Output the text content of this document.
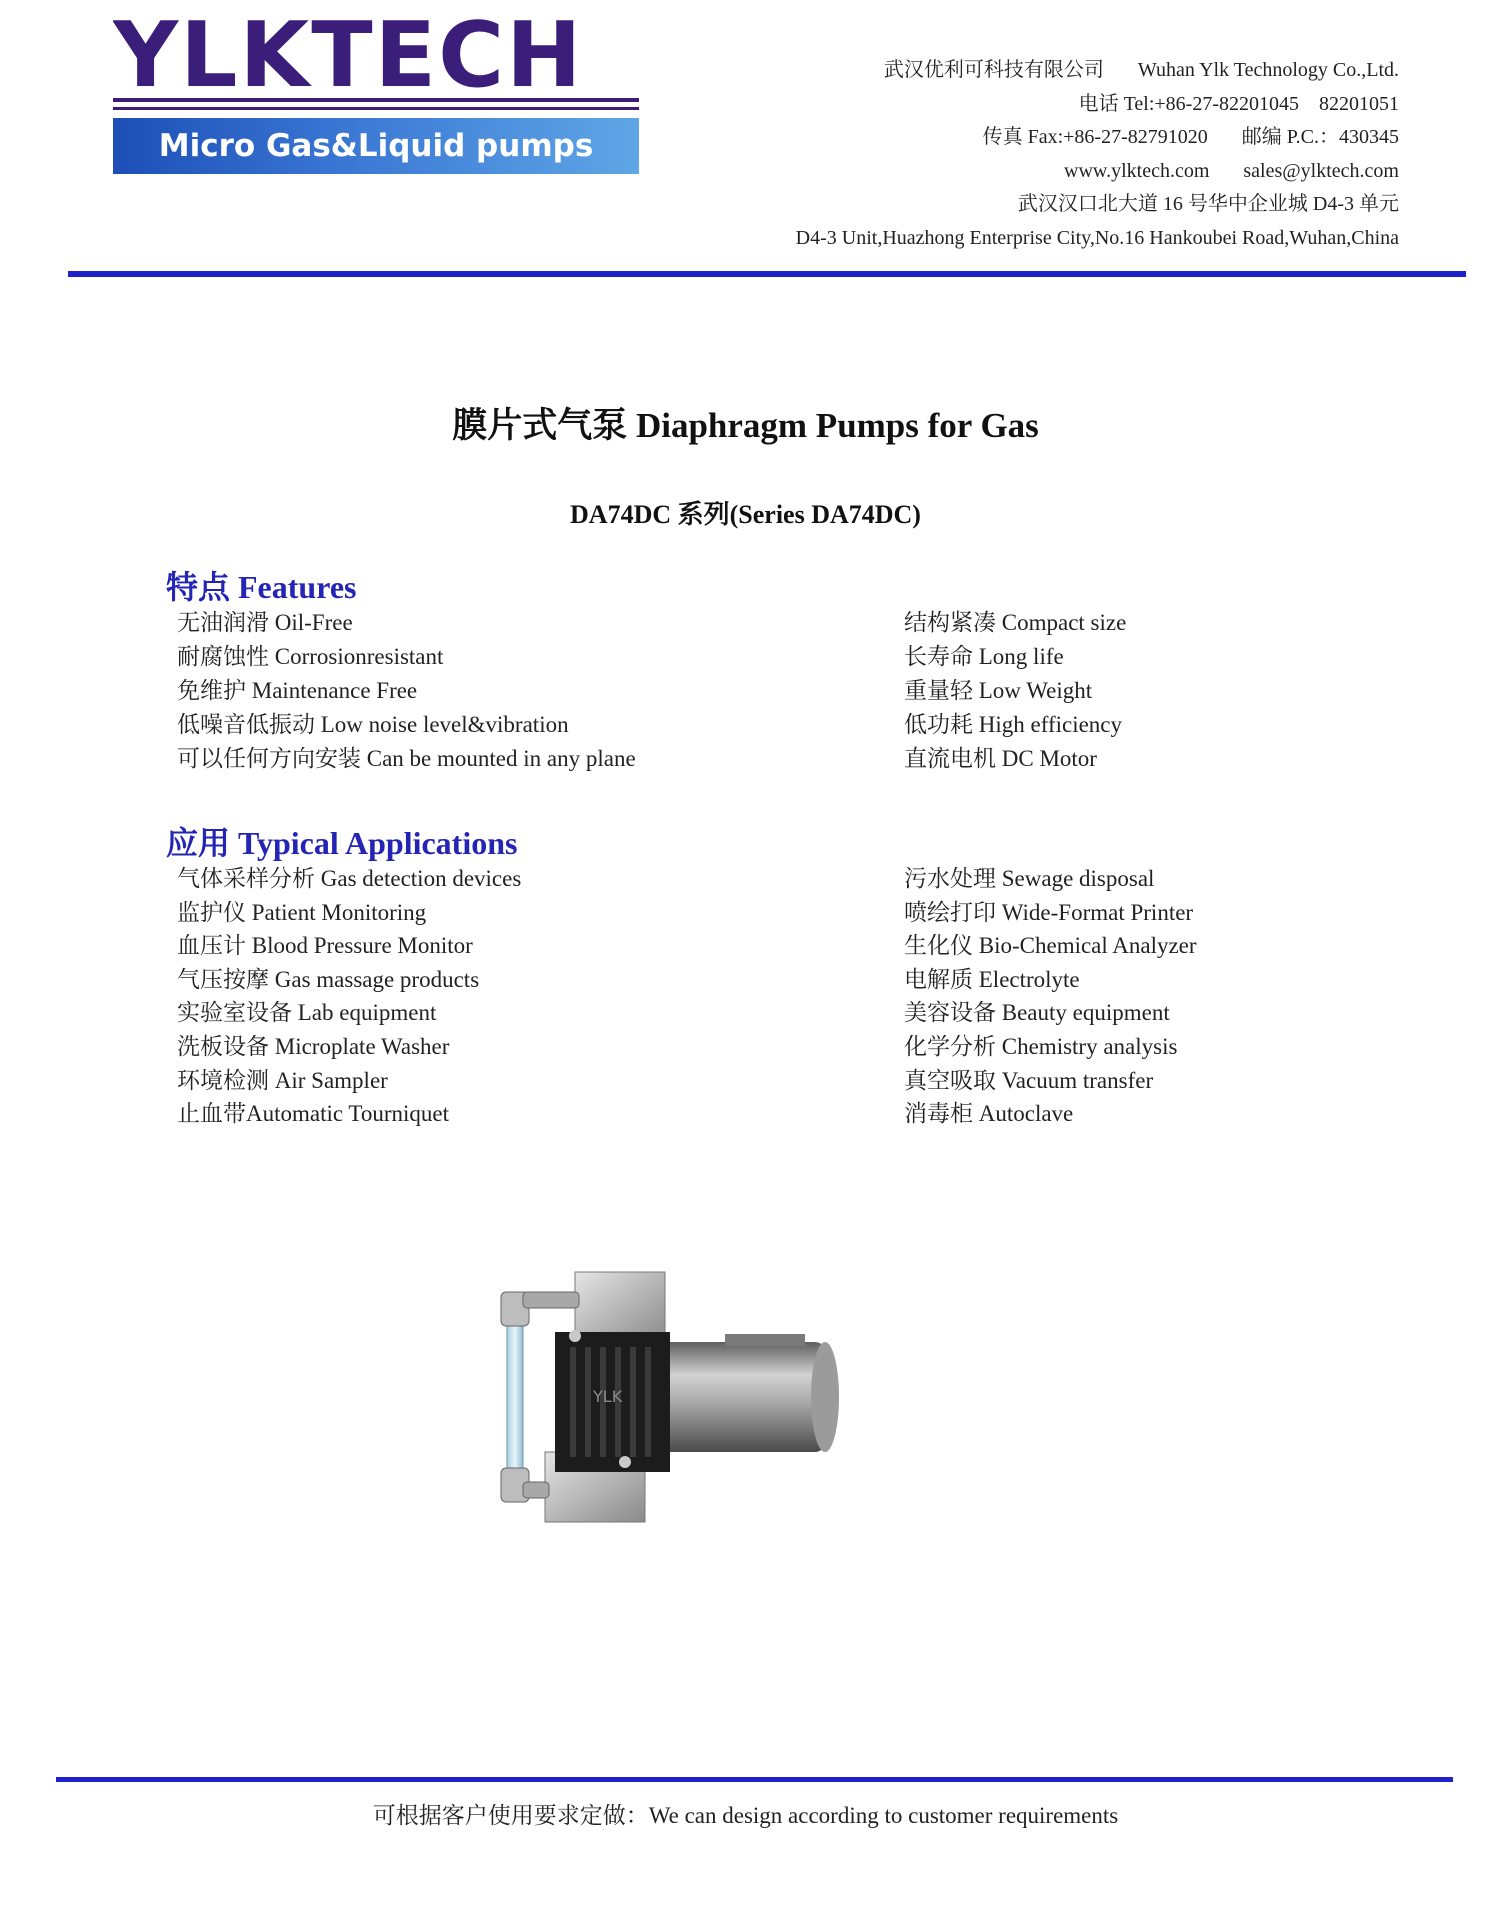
YLKTECH
Micro Gas&Liquid pumps
武汉优利可科技有限公司 Wuhan Ylk Technology Co.,Ltd.
电话 Tel:+86-27-82201045　82201051
传真 Fax:+86-27-82791020 邮编 P.C.：430345
www.ylktech.com sales@ylktech.com
武汉汉口北大道 16 号华中企业城 D4-3 单元
D4-3 Unit,Huazhong Enterprise City,No.16 Hankoubei Road,Wuhan,China
膜片式气泵 Diaphragm Pumps for Gas
DA74DC 系列(Series DA74DC)
特点 Features
无油润滑 Oil-Free
耐腐蚀性 Corrosionresistant
免维护 Maintenance Free
低噪音低振动 Low noise level&vibration
可以任何方向安装 Can be mounted in any plane
结构紧凑 Compact size
长寿命 Long life
重量轻 Low Weight
低功耗 High efficiency
直流电机 DC Motor
应用 Typical Applications
气体采样分析 Gas detection devices
监护仪 Patient Monitoring
血压计 Blood Pressure Monitor
气压按摩 Gas massage products
实验室设备 Lab equipment
洗板设备 Microplate Washer
环境检测 Air Sampler
止血带Automatic Tourniquet
污水处理 Sewage disposal
喷绘打印 Wide-Format Printer
生化仪 Bio-Chemical Analyzer
电解质 Electrolyte
美容设备 Beauty equipment
化学分析 Chemistry analysis
真空吸取 Vacuum transfer
消毒柜 Autoclave
YLK
可根据客户使用要求定做：We can design according to customer requirements
